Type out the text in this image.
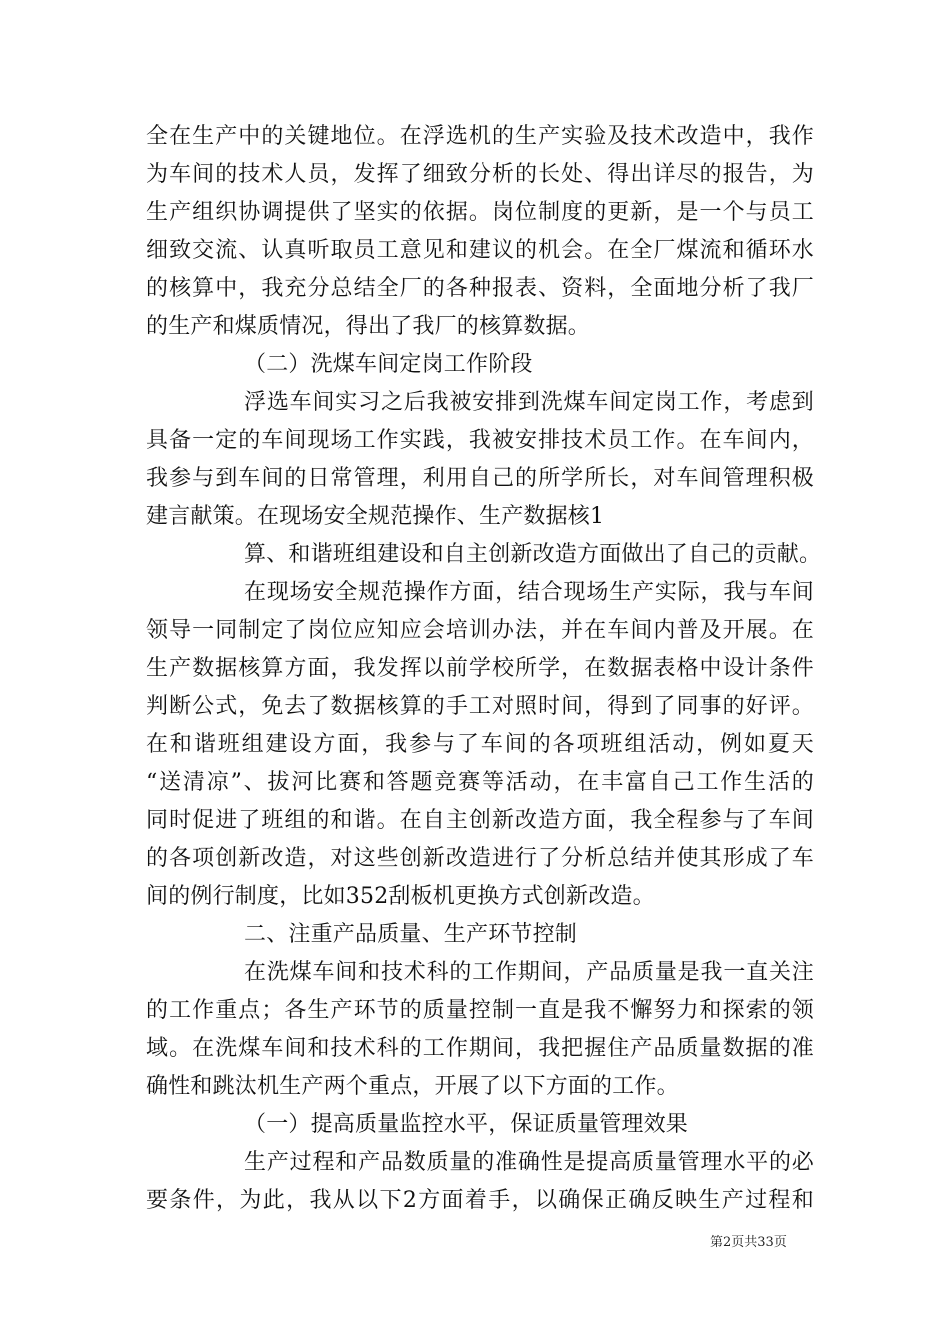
全在生产中的关键地位。在浮选机的生产实验及技术改造中，我作
为车间的技术人员，发挥了细致分析的长处、得出详尽的报告，为
生产组织协调提供了坚实的依据。岗位制度的更新，是一个与员工
细致交流、认真听取员工意见和建议的机会。在全厂煤流和循环水
的核算中，我充分总结全厂的各种报表、资料，全面地分析了我厂
的生产和煤质情况，得出了我厂的核算数据。
（二）洗煤车间定岗工作阶段
浮选车间实习之后我被安排到洗煤车间定岗工作，考虑到
具备一定的车间现场工作实践，我被安排技术员工作。在车间内，
我参与到车间的日常管理，利用自己的所学所长，对车间管理积极
建言献策。在现场安全规范操作、生产数据核1
算、和谐班组建设和自主创新改造方面做出了自己的贡献。
在现场安全规范操作方面，结合现场生产实际，我与车间
领导一同制定了岗位应知应会培训办法，并在车间内普及开展。在
生产数据核算方面，我发挥以前学校所学，在数据表格中设计条件
判断公式，免去了数据核算的手工对照时间，得到了同事的好评。
在和谐班组建设方面，我参与了车间的各项班组活动，例如夏天
“送清凉”、拔河比赛和答题竞赛等活动，在丰富自己工作生活的
同时促进了班组的和谐。在自主创新改造方面，我全程参与了车间
的各项创新改造，对这些创新改造进行了分析总结并使其形成了车
间的例行制度，比如352刮板机更换方式创新改造。
二、注重产品质量、生产环节控制
在洗煤车间和技术科的工作期间，产品质量是我一直关注
的工作重点；各生产环节的质量控制一直是我不懈努力和探索的领
域。在洗煤车间和技术科的工作期间，我把握住产品质量数据的准
确性和跳汰机生产两个重点，开展了以下方面的工作。
（一）提高质量监控水平，保证质量管理效果
生产过程和产品数质量的准确性是提高质量管理水平的必
要条件，为此，我从以下2方面着手，以确保正确反映生产过程和
第2页共33页
